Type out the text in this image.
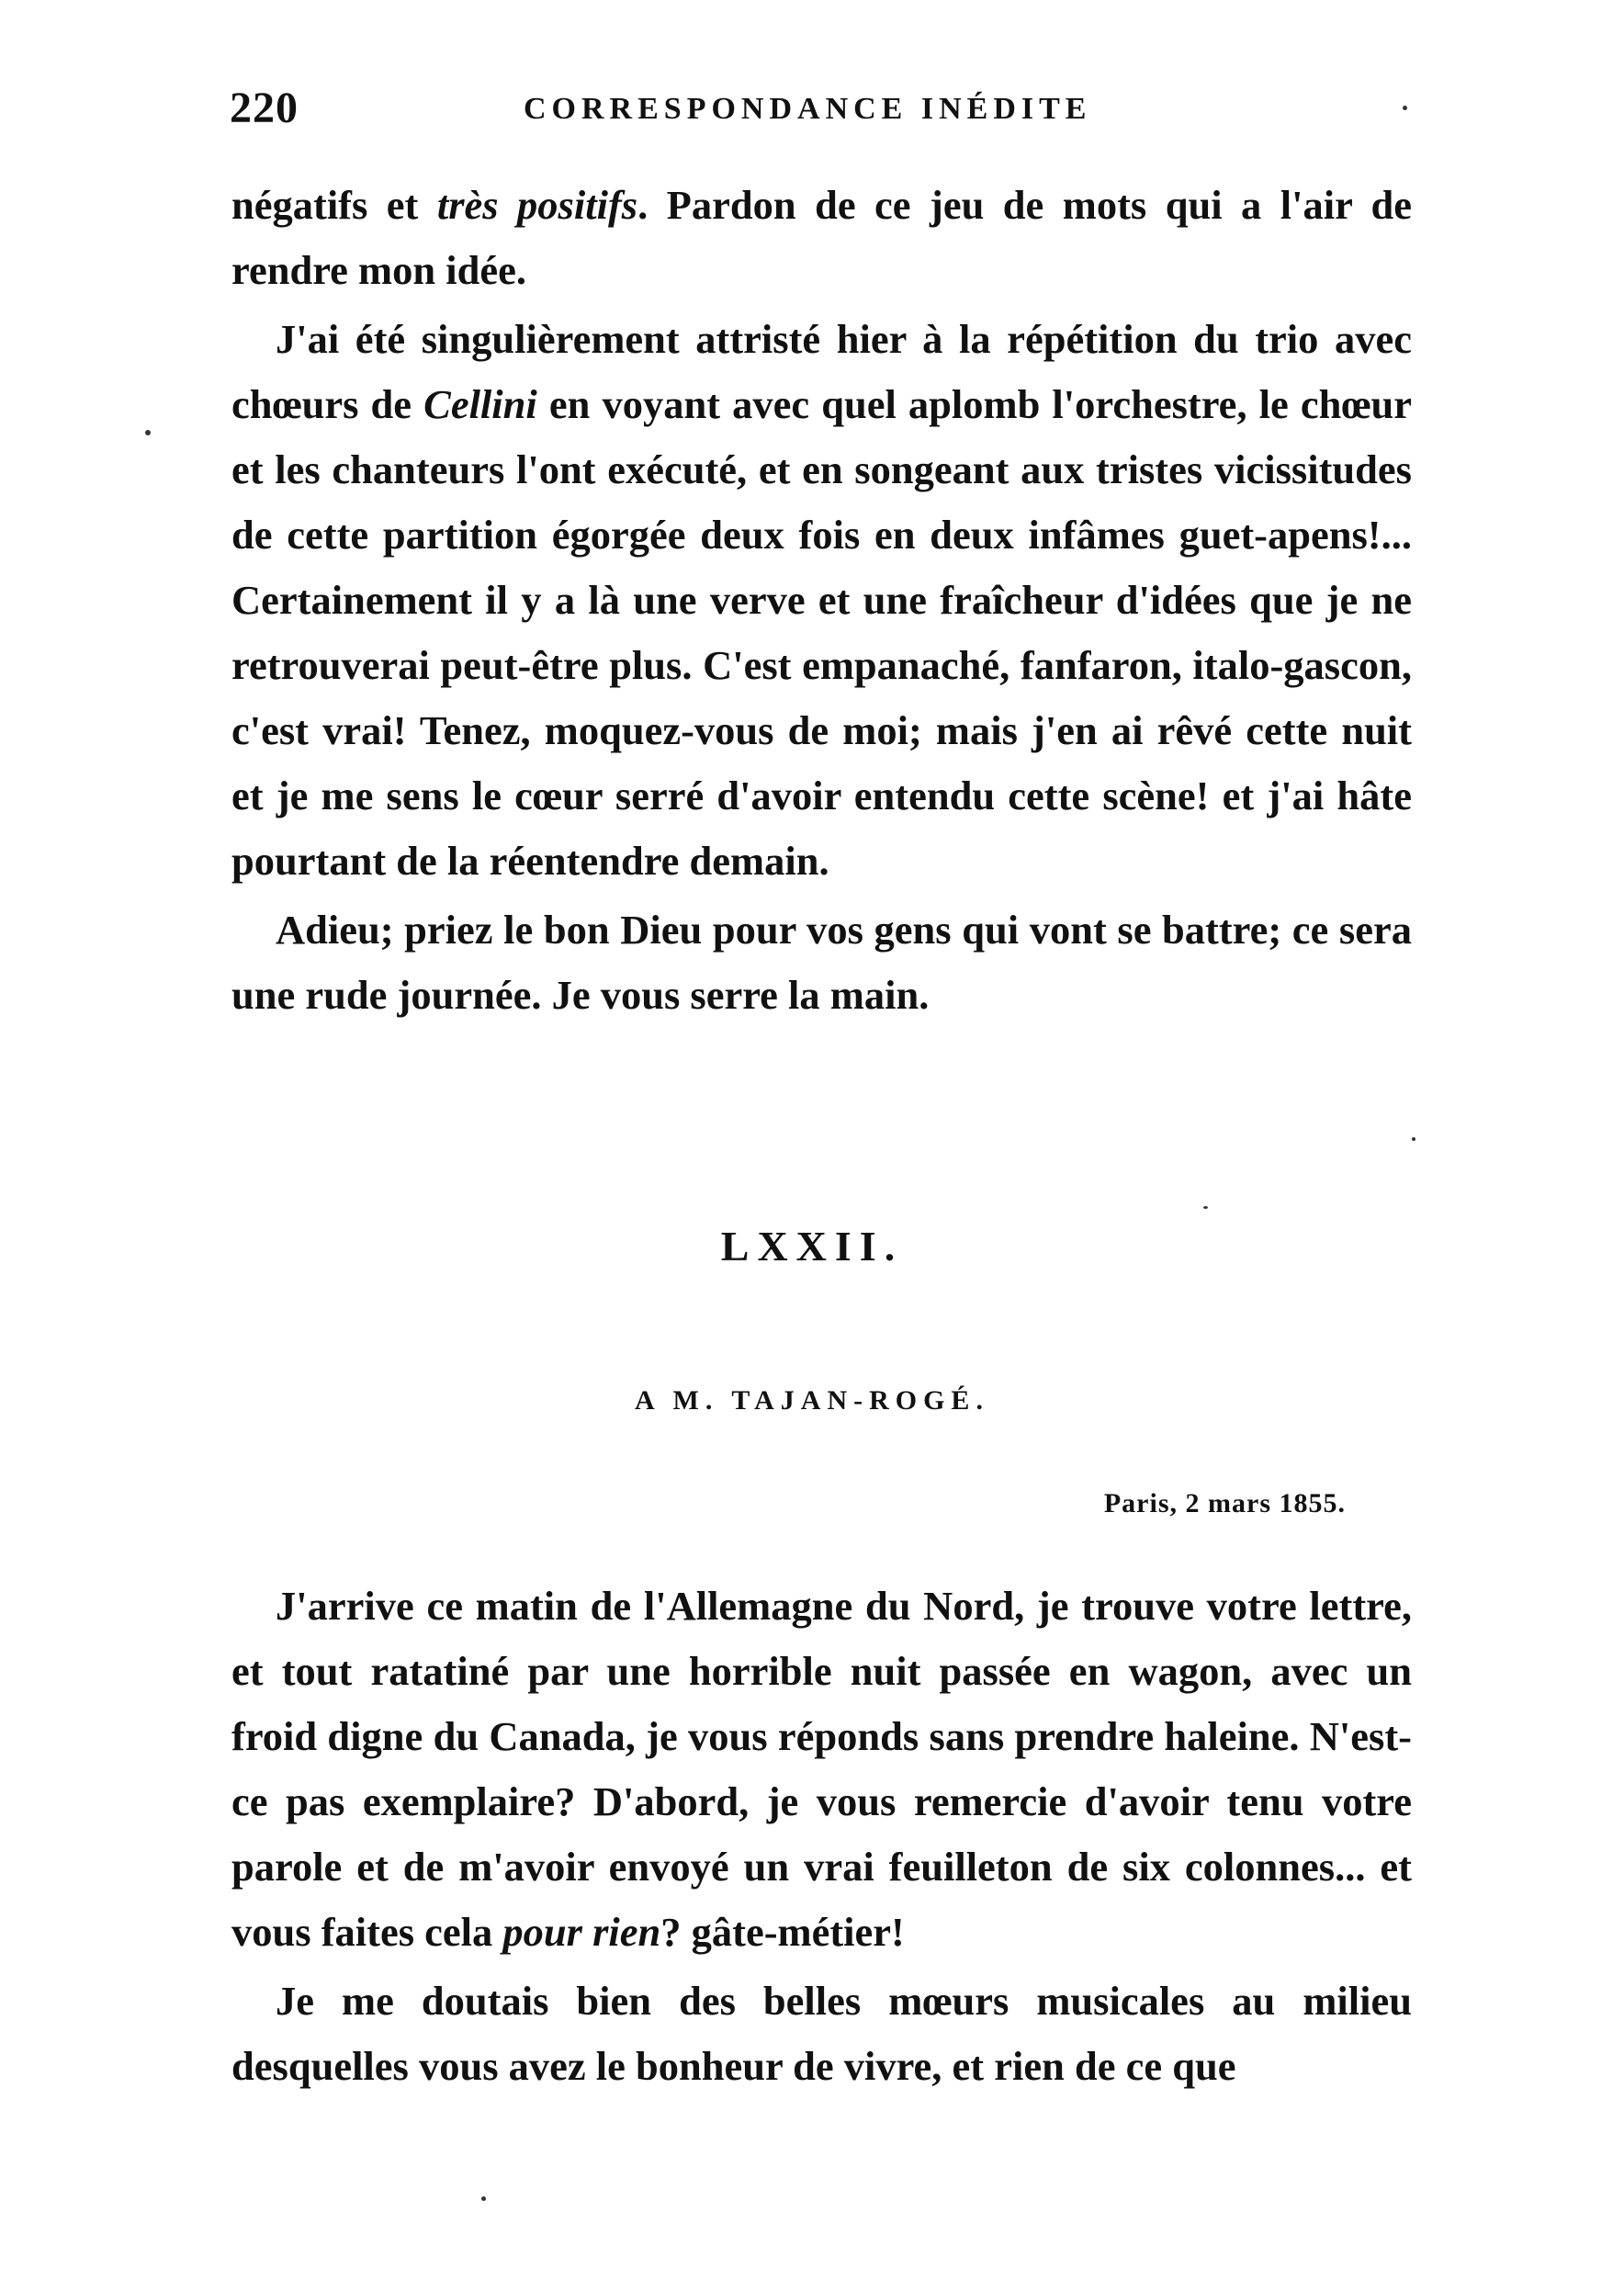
220	CORRESPONDANCE INÉDITE

négatifs et très positifs. Pardon de ce jeu de mots qui a l'air de rendre mon idée.

J'ai été singulièrement attristé hier à la répétition du trio avec chœurs de Cellini en voyant avec quel aplomb l'orchestre, le chœur et les chanteurs l'ont exécuté, et en songeant aux tristes vicissitudes de cette partition égorgée deux fois en deux infâmes guet-apens!... Certainement il y a là une verve et une fraîcheur d'idées que je ne retrouverai peut-être plus. C'est empanaché, fanfaron, italo-gascon, c'est vrai! Tenez, moquez-vous de moi; mais j'en ai rêvé cette nuit et je me sens le cœur serré d'avoir entendu cette scène! et j'ai hâte pourtant de la réentendre demain.

Adieu; priez le bon Dieu pour vos gens qui vont se battre; ce sera une rude journée. Je vous serre la main.

LXXII.
A M. TAJAN-ROGÉ.
Paris, 2 mars 1855.

J'arrive ce matin de l'Allemagne du Nord, je trouve votre lettre, et tout ratatiné par une horrible nuit passée en wagon, avec un froid digne du Canada, je vous réponds sans prendre haleine. N'est-ce pas exemplaire? D'abord, je vous remercie d'avoir tenu votre parole et de m'avoir envoyé un vrai feuilleton de six colonnes... et vous faites cela pour rien? gâte-métier!

Je me doutais bien des belles mœurs musicales au milieu desquelles vous avez le bonheur de vivre, et rien de ce que
